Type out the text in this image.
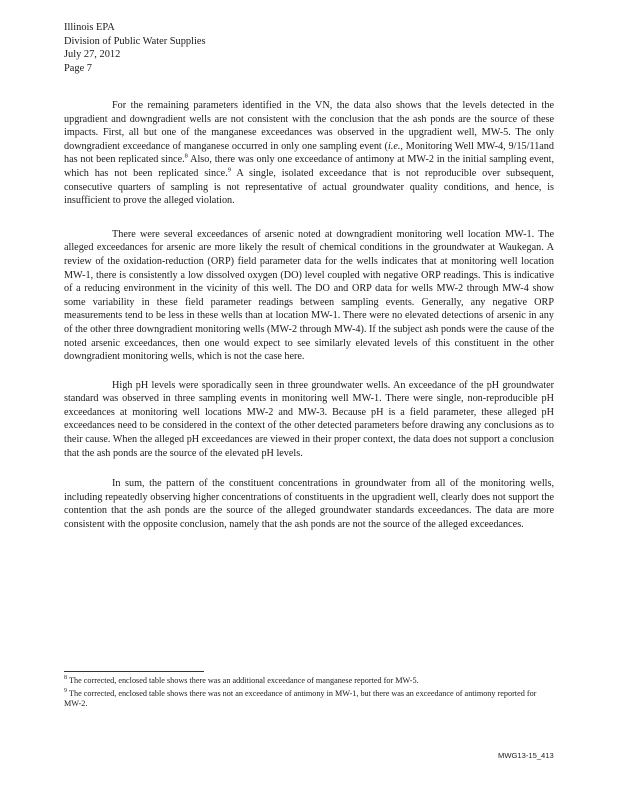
Illinois EPA
Division of Public Water Supplies
July 27, 2012
Page 7

For the remaining parameters identified in the VN, the data also shows that the levels detected in the upgradient and downgradient wells are not consistent with the conclusion that the ash ponds are the source of these impacts. First, all but one of the manganese exceedances was observed in the upgradient well, MW-5. The only downgradient exceedance of manganese occurred in only one sampling event (i.e., Monitoring Well MW-4, 9/15/11and has not been replicated since.$^8$ Also, there was only one exceedance of antimony at MW-2 in the initial sampling event, which has not been replicated since.$^9$ A single, isolated exceedance that is not reproducible over subsequent, consecutive quarters of sampling is not representative of actual groundwater quality conditions, and hence, is insufficient to prove the alleged violation.

There were several exceedances of arsenic noted at downgradient monitoring well location MW-1. The alleged exceedances for arsenic are more likely the result of chemical conditions in the groundwater at Waukegan. A review of the oxidation-reduction (ORP) field parameter data for the wells indicates that at monitoring well location MW-1, there is consistently a low dissolved oxygen (DO) level coupled with negative ORP readings. This is indicative of a reducing environment in the vicinity of this well. The DO and ORP data for wells MW-2 through MW-4 show some variability in these field parameter readings between sampling events. Generally, any negative ORP measurements tend to be less in these wells than at location MW-1. There were no elevated detections of arsenic in any of the other three downgradient monitoring wells (MW-2 through MW-4). If the subject ash ponds were the cause of the noted arsenic exceedances, then one would expect to see similarly elevated levels of this constituent in the other downgradient monitoring wells, which is not the case here.

High pH levels were sporadically seen in three groundwater wells. An exceedance of the pH groundwater standard was observed in three sampling events in monitoring well MW-1. There were single, non-reproducible pH exceedances at monitoring well locations MW-2 and MW-3. Because pH is a field parameter, these alleged pH exceedances need to be considered in the context of the other detected parameters before drawing any conclusions as to their cause. When the alleged pH exceedances are viewed in their proper context, the data does not support a conclusion that the ash ponds are the source of the elevated pH levels.

In sum, the pattern of the constituent concentrations in groundwater from all of the monitoring wells, including repeatedly observing higher concentrations of constituents in the upgradient well, clearly does not support the contention that the ash ponds are the source of the alleged groundwater standards exceedances. The data are more consistent with the opposite conclusion, namely that the ash ponds are not the source of the alleged exceedances.

$^8$ The corrected, enclosed table shows there was an additional exceedance of manganese reported for MW-5.

$^9$ The corrected, enclosed table shows there was not an exceedance of antimony in MW-1, but there was an exceedance of antimony reported for MW-2.

MWG13-15_413
